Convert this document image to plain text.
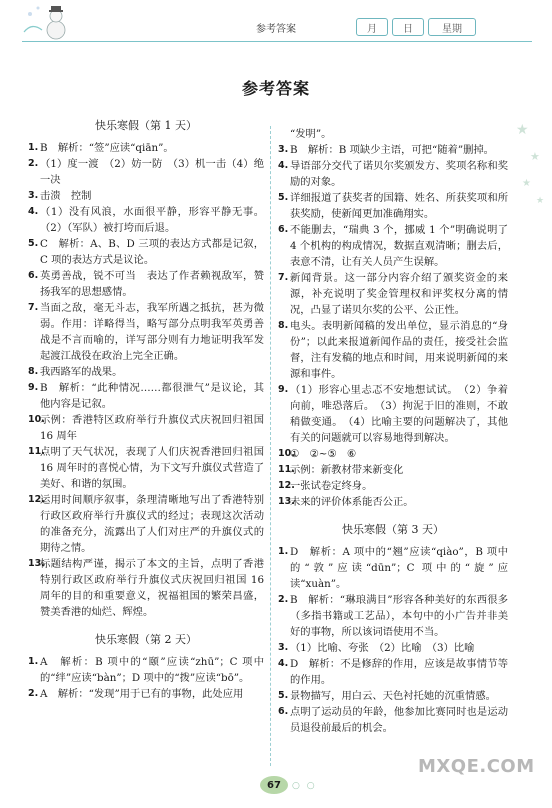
参考答案	月	日	星期
★
★
★
★
参考答案
快乐寒假（第 1 天）
1. B　解析：“签”应读“qiān”。
2. （1）度一渡　（2）妨一防　（3）机一击（4）绝一决
3. 击溃　控制
4. （1）没有风浪，水面很平静，形容平静无事。（2）（军队）被打垮而后退。
5. C　解析：A、B、D 三项的表达方式都是记叙，C 项的表达方式是议论。
6. 英勇善战，锐不可当　表达了作者赖视敌军，赞扬我军的思想感情。
7. 当面之敌，毫无斗志，我军所遇之抵抗，甚为微弱。作用：详略得当，略写部分点明我军英勇善战是不言而喻的，详写部分则有力地证明我军发起渡江战役在政治上完全正确。
8. 我西路军的战果。
9. B　解析：“此种情况……都很泄气”是议论，其他内容是记叙。
10.
示例：香港特区政府举行升旗仪式庆祝回归祖国 16 周年
11.
点明了天气状况，表现了人们庆祝香港回归祖国 16 周年时的喜悦心情，为下文写升旗仪式营造了美好、和谐的氛围。
12.
运用时间顺序叙事，条理清晰地写出了香港特别行政区政府举行升旗仪式的经过；表现这次活动的准备充分，流露出了人们对庄严的升旗仪式的期待之情。
13.
标题结构严谨，揭示了本文的主旨，点明了香港特别行政区政府举行升旗仪式庆祝回归祖国 16 周年的目的和重要意义，祝福祖国的繁荣昌盛，赞美香港的灿烂、辉煌。
快乐寒假（第 2 天）
1. A　解析：B 项中的“颐”应读“zhū”；C 项中的“绊”应读“bàn”；D 项中的“拨”应读“bō”。
2. A　解析：“发现”用于已有的事物，此处应用
“发明”。
3. B　解析：B 项缺少主语，可把“随着”删掉。
4. 导语部分交代了诺贝尔奖颁发方、奖项名称和奖励的对象。
5. 详细报道了获奖者的国籍、姓名、所获奖项和所获奖励，使新闻更加准确翔实。
6. 不能删去，“瑞典 3 个，挪威 1 个”明确说明了 4 个机构的构成情况，数据直观清晰；删去后，表意不清，让有关人员产生误解。
7. 新闻背景。这一部分内容介绍了颁奖资金的来源，补充说明了奖金管理权和评奖权分离的情况，凸显了诺贝尔奖的公平、公正性。
8. 电头。表明新闻稿的发出单位，显示消息的“身份”；以此来报道新闻作品的责任，接受社会监督，注有发稿的地点和时间，用来说明新闻的来源和事件。
9. （1）形容心里忐忑不安地想试试。　（2）争着向前，唯恐落后。　（3）拘泥于旧的准则，不敢稍做变通。　（4）比喻主要的问题解决了，其他有关的问题就可以容易地得到解决。
10.
①　②~⑤　⑥
11.
示例：新教材带来新变化
12.
一张试卷定终身。
13.
未来的评价体系能否公正。
快乐寒假（第 3 天）
1. D　解析：A 项中的“翘”应读“qiào”，B 项中的“敦”应读“dūn”；C 项中的“旋”应读“xuàn”。
2. B　解析：“琳琅满目”形容各种美好的东西很多（多指书籍或工艺品），本句中的小广告并非美好的事物，所以该词语使用不当。
3. （1）比喻、夸张　（2）比喻　（3）比喻
4. D　解析：不是修辞的作用，应该是故事情节等的作用。
5. 景物描写，用白云、天色衬托她的沉重情感。
6. 点明了运动员的年龄，他参加比赛同时也是运动员退役前最后的机会。
67	○ ○
MXQE.COM
